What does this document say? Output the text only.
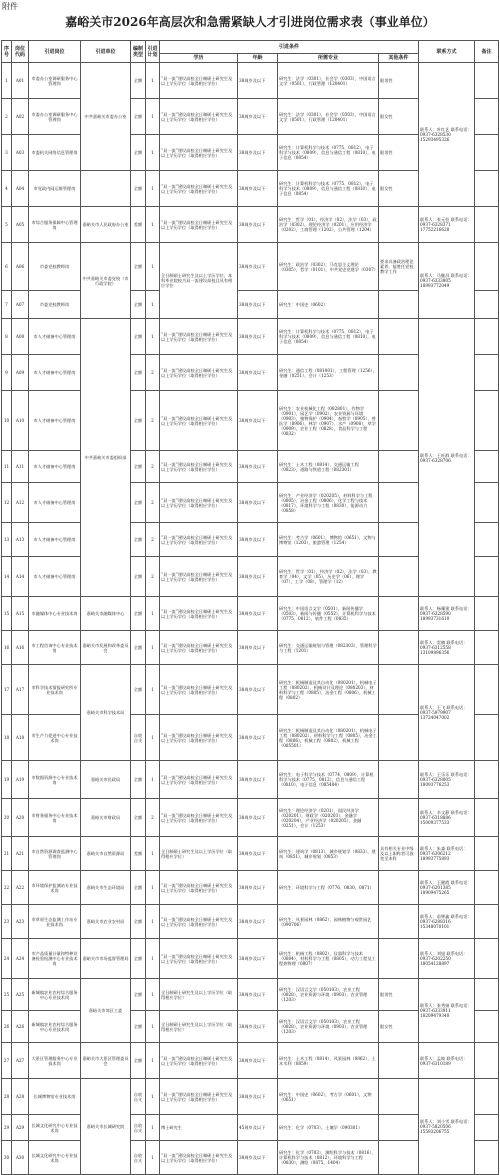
附件
嘉峪关市2026年高层次和急需紧缺人才引进岗位需求表（事业单位）
序号	岗位代码	引进岗位	引进单位	编制类型	引进计划	引进条件				联系方式	备注
						学历	年龄	所需专业	其他条件		
1	A01	市委办公室调研服务中心管理岗	中共嘉峪关市委办公室	全额	1	“双一流”建设高校全日制硕士研究生及以上学历学位（取得相应学位）	38周岁及以下	研究生：法学（0301），社会学（0303），中国语言文学（0501），行政管理（120401）	限男性	联系人：叶红艺 联系电话：0937-6328530 15293495326	
2	A02	市委办公室调研服务中心管理岗		全额	1	“双一流”建设高校全日制硕士研究生及以上学历学位（取得相应学位）	38周岁及以下	研究生：法学（0301），社会学（0303），中国语言文学（0501），行政管理（120401）	限女性		
3	A03	市委机关网络信息管理岗		全额	1	“双一流”建设高校全日制硕士研究生及以上学历学位（取得相应学位）	38周岁及以下	研究生：计算机科学与技术（0775、0812），电子科学与技术（0809），信息与通信工程（0810），电子信息（0854）	限男性		
4	A04	市党政内网运维管理岗		全额	1	“双一流”建设高校全日制硕士研究生及以上学历学位（取得相应学位）	38周岁及以下	研究生：计算机科学与技术（0775、0812），电子科学与技术（0809），信息与通信工程（0810），电子信息（0854）	限女性		
5	A05	市综合服务保障中心管理岗	嘉峪关市人民政府办公室	差额	1	“双一流”建设高校全日制硕士研究生及以上学历学位（取得相应学位）	38周岁及以下	研究生：哲学（01），经济学（02），法学（03），政治学（0302），理论经济学（0201），应用经济学（0202），工商管理（1202），公共管理（1204）		联系人：张元恒 联系电话：0937-6328371 17752216628	
6	A06	市委党校教师岗	中共嘉峪关市委党校（市行政学院）	全额	1	全日制硕士研究生及以上学历学位，本科毕业院校为双一流建设高校且具有相应学位	38周岁及以下	研究生：政治学（0302），马克思主义理论（0305），哲学（0101），中共党史党建学（0307）	要求具备政治理论素养，能胜任党校教学工作	联系人：马继昌 联系电话：0937-6333805 18993772049	
7	A07	市委党校教师岗		全额	1		38周岁及以下	研究生：中国史（0602）			
8	A08	市人才储备中心管理岗	中共嘉峪关市委组织部	全额	1	“双一流”建设高校全日制硕士研究生及以上学历学位（取得相应学位）	38周岁及以下	研究生：计算机科学与技术（0775、0812），电子科学与技术（0809），信息与通信工程（0810），电子信息（0854）		联系人：王旺群 联系电话：0937-6328706	
9	A09	市人才储备中心管理岗		全额	2	“双一流”建设高校全日制硕士研究生及以上学历学位（取得相应学位）	38周岁及以下	研究生：通信工程（081001），工程管理（1256），金融（0251），会计（1253）			
10	A10	市人才储备中心管理岗		全额	2	“双一流”建设高校全日制硕士研究生及以上学历学位（取得相应学位）	38周岁及以下	研究生：农业机械化工程（082801），作物学（0901），园艺学（0902），农业资源与环境（0903），植物保护（0904），畜牧学（0905），兽医学（0906），林学（0907），水产（0908），草学（0909），农业工程（0828），食品科学与工程（0832）			
11	A11	市人才储备中心管理岗		全额	2	“双一流”建设高校全日制硕士研究生及以上学历学位（取得相应学位）	38周岁及以下	研究生：土木工程（0814），交通运输工程（0823），道路与铁道工程（082301）			
12	A12	市人才储备中心管理岗		全额	2	“双一流”建设高校全日制硕士研究生及以上学历学位（取得相应学位）	38周岁及以下	研究生：产业经济学（020205），材料科学与工程（0805），冶金工程（0806），化学工程与技术（0817），环境科学与工程（0830），能源动力（0858）			
13	A13	市人才储备中心管理岗		全额	2	“双一流”建设高校全日制硕士研究生及以上学历学位（取得相应学位）	38周岁及以下	研究生：考古学（0601），博物馆（0651），文物与博物馆（1203），旅游管理（1254）			
14	A14	市人才储备中心管理岗		全额	2	“双一流”建设高校全日制硕士研究生及以上学历学位（取得相应学位）	38周岁及以下	研究生：哲学（01），经济学（02），法学（03），教育学（04），文学（05），历史学（06），理学（07），工学（08），管理学（12）			
15	A15	市融媒体中心专业技术岗	嘉峪关市融媒体中心	全额	1	“双一流”建设高校全日制硕士研究生及以上学历学位（取得相应学位）	38周岁及以下	研究生：中国语言文学（0501），新闻传播学（0503），新闻与传播（0552），计算机科学与技术（0775、0812），软件工程（0835）		联系人：杨耀建 联系电话：0937-6328590 18993731610	
16	A16	市工程咨询中心专业技术岗	嘉峪关市发展和改革委员会	全额	1	“双一流”建设高校全日制硕士研究生及以上学历学位（取得相应学位）	38周岁及以下	研究生：交通运输规划与管理（082303），管理科学与工程（1201）		联系人：雷楠 联系电话：0937-6312558 13109896356	
17	A17	市科学技术情报研究所专业技术岗	嘉峪关市科学技术局	全额	1	“双一流”建设高校全日制硕士研究生及以上学历学位（取得相应学位）	38周岁及以下	研究生：机械制造及其自动化（080201），机械电子工程（080202），机械设计及理论（080203），材料科学与工程（0805），冶金工程（0806），机械工程（0802）		联系人：王飞 联系电话：0937-5979907 13724047002	
18	A18	市生产力促进中心专业技术岗		自收自支	1	“双一流”建设高校全日制硕士研究生及以上学历学位（取得相应学位）	38周岁及以下	研究生：机械制造及其自动化（080201），机械电子工程（080202），材料科学与工程（0805），冶金工程（0806），机械工程（0802），机械工程（085501）			
19	A19	市数据资源中心专业技术岗	嘉峪关市民政局	全额	1	“双一流”建设高校全日制硕士研究生及以上学历学位（取得相应学位）	38周岁及以下	研究生：电子科学与技术（0774、0809），计算机科学与技术（0775、0812），信息与通信工程（0810），电子信息（085404）		联系人：王乐乐 联系电话：0937-6328005 18093776253	
20	A20	市财务服务中心专业技术岗	嘉峪关市财政局	全额	2	“双一流”建设高校全日制硕士研究生及以上学历学位（取得相应学位）	38周岁及以下	研究生：理论经济学（0201），国民经济学（020201），财政学（020203），金融学（020204），产业经济学（020205），金融（0251），会计（1253）		联系人：辛文静 联系电话：0937-6318886 15009377533	
21	A21	市自然资源调查监测中心管理岗	嘉峪关市自然资源局	差额	1	全日制硕士研究生及以上学历学位（取得相应学位）	38周岁及以下	研究生：建筑学（0813），城乡规划学（0833），建筑（0851），城乡规划（0853）	具有相关专业中级及以上职称者可放宽至本科	联系人：朱淼 联系电话：0937-6306212 18993775893	
22	A22	市环境保护监测站专业技术岗	嘉峪关市生态环境局	全额	1	“双一流”建设高校全日制硕士研究生及以上学历学位（取得相应学位）	38周岁及以下	研究生：环境科学与工程（0776、0830、0871）		联系人：王健霞 联系电话：0937-6201385 18909475265	
23	A23	市草原生态监测工作站专业技术岗	嘉峪关市农业农村局	全额	1	“双一流”建设高校全日制硕士研究生及以上学历学位（取得相应学位）	38周岁及以下	研究生：风景园林（0862），园林植物与观赏园艺（090706）		联系人：苗钟鑫 联系电话：0937-6288316 15348070101	
24	A24	市产品质量计量和特种设备检验检测中心专业技术岗	嘉峪关市市场监督管理局	全额	1	“双一流”建设高校全日制硕士研究生及以上学历学位（取得相应学位）	38周岁及以下	研究生：机械工程（0802），仪器科学与技术（0804），材料科学与工程（0805），动力工程及工程热物理（0807）		联系人：刘旭 联系电话：0937-6202250 18054128897	
25	A25	新城镇农业农村综合服务中心专业技术岗	嘉峪关市郊区工委	全额	1	全日制硕士研究生及以上学历学位（取得相应学位）	38周岁及以下	研究生：汉语言文学（050103），农业工程（0828），农业资源与环境（0903），农业管理（1203）	限男性	联系人：张秀娟 联系电话：0937-6333911 18209479340	
26	A26	新城镇农业农村综合服务中心专业技术岗		全额	1	全日制硕士研究生及以上学历学位（取得相应学位）	38周岁及以下	研究生：汉语言文学（050103），农业工程（0828），农业资源与环境（0903），农业管理（1203）	限女性		
27	A27	大景区管理服务中心专业技术岗	嘉峪关市大景区管理委员会	全额	1	“双一流”建设高校全日制硕士研究生及以上学历学位（取得相应学位）	38周岁及以下	研究生：土木工程（0814），风景园林（0862），土木水利（0859）		联系人：孟焕 联系电话：0937-6310189	
28	A28	长城博物馆专业技术岗	嘉峪关市长城研究院	自收自支	1	“双一流”建设高校全日制硕士研究生及以上学历学位（取得相应学位）	38周岁及以下	研究生：中国史（0602），考古学（0601），文物（0651）		联系人：刘小雪 联系电话：0937-5820506 15593206755	
29	A29	长城文化研究中心专业技术岗		自收自支	1	博士研究生	45周岁及以下	研究生：化学（0703），土壤学（090301）			
30	A30	长城文化研究中心专业技术岗		自收自支	1	“双一流”建设高校全日制硕士研究生及以上学历学位（取得相应学位）	38周岁及以下	研究生：化学（0703），测绘科学与技术（0816），计算机科学与技术（0812），环境科学与工程（0830），测绘（0875，1404）			
